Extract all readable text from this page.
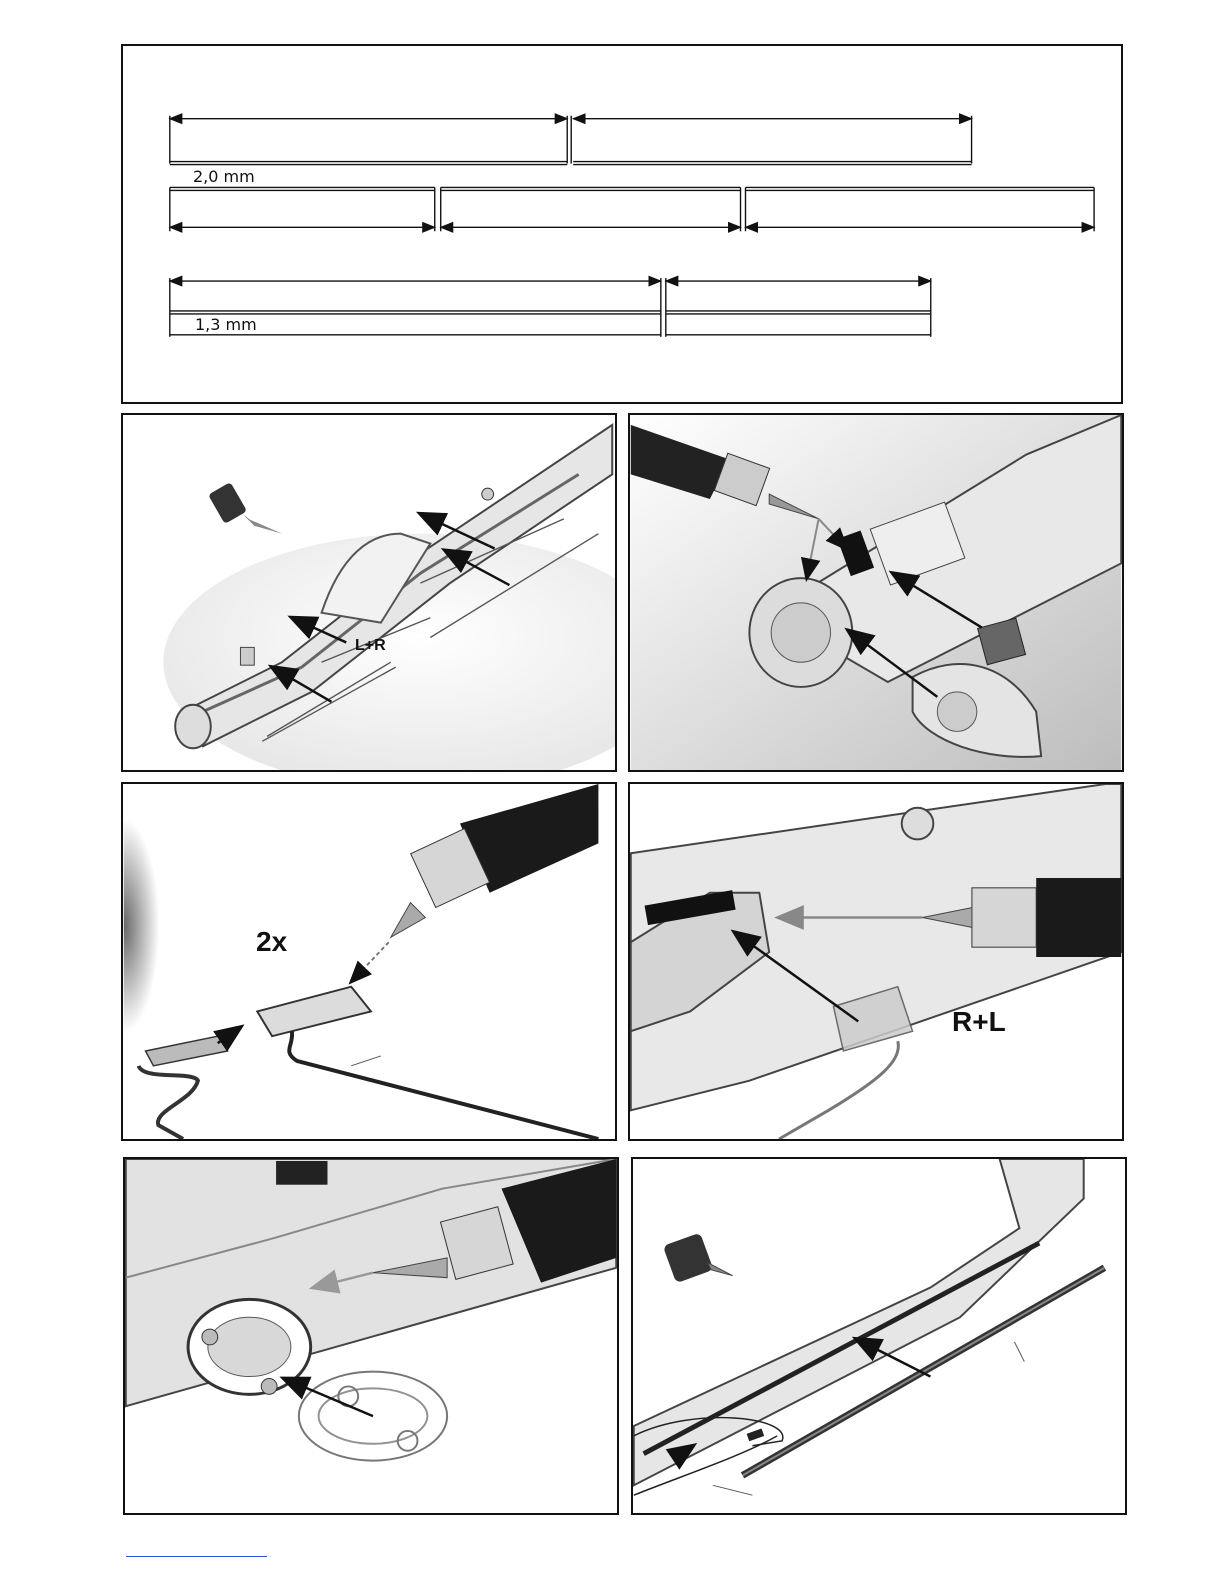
2,0 mm
1,3 mm
L+R
2x
R+L
